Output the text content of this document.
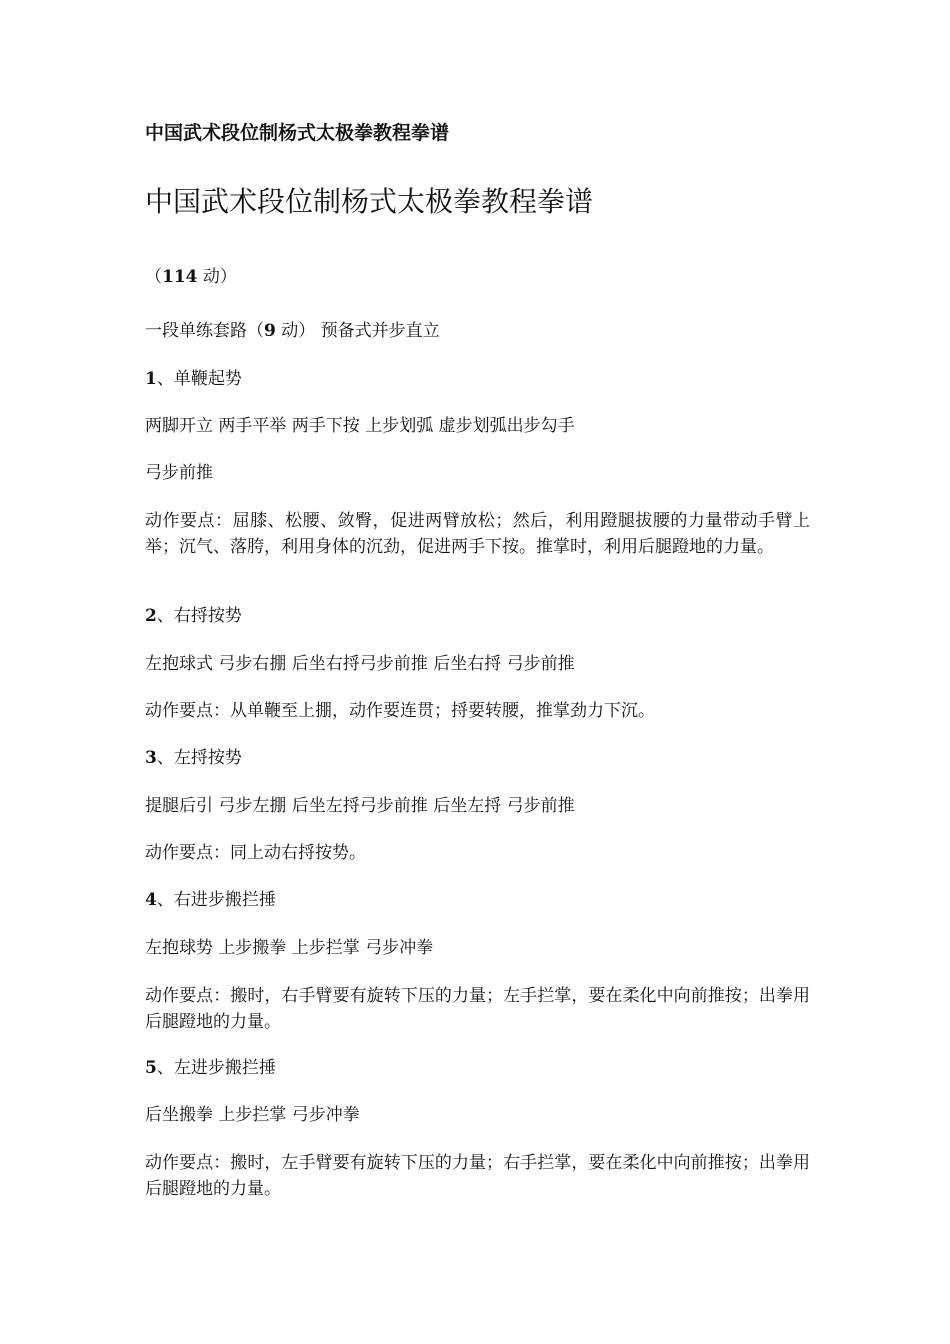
中国武术段位制杨式太极拳教程拳谱
中国武术段位制杨式太极拳教程拳谱
（114 动）
一段单练套路（9 动） 预备式并步直立
1、单鞭起势
两脚开立 两手平举 两手下按 上步划弧 虚步划弧出步勾手
弓步前推
动作要点：屈膝、松腰、敛臀，促进两臂放松；然后，利用蹬腿拔腰的力量带动手臂上举；沉气、落胯，利用身体的沉劲，促进两手下按。推掌时，利用后腿蹬地的力量。
2、右捋按势
左抱球式 弓步右掤 后坐右捋弓步前推 后坐右捋 弓步前推
动作要点：从单鞭至上掤，动作要连贯；捋要转腰，推掌劲力下沉。
3、左捋按势
提腿后引 弓步左掤 后坐左捋弓步前推 后坐左捋 弓步前推
动作要点：同上动右捋按势。
4、右进步搬拦捶
左抱球势 上步搬拳 上步拦掌 弓步冲拳
动作要点：搬时，右手臂要有旋转下压的力量；左手拦掌，要在柔化中向前推按；出拳用后腿蹬地的力量。
5、左进步搬拦捶
后坐搬拳 上步拦掌 弓步冲拳
动作要点：搬时，左手臂要有旋转下压的力量；右手拦掌，要在柔化中向前推按；出拳用后腿蹬地的力量。
